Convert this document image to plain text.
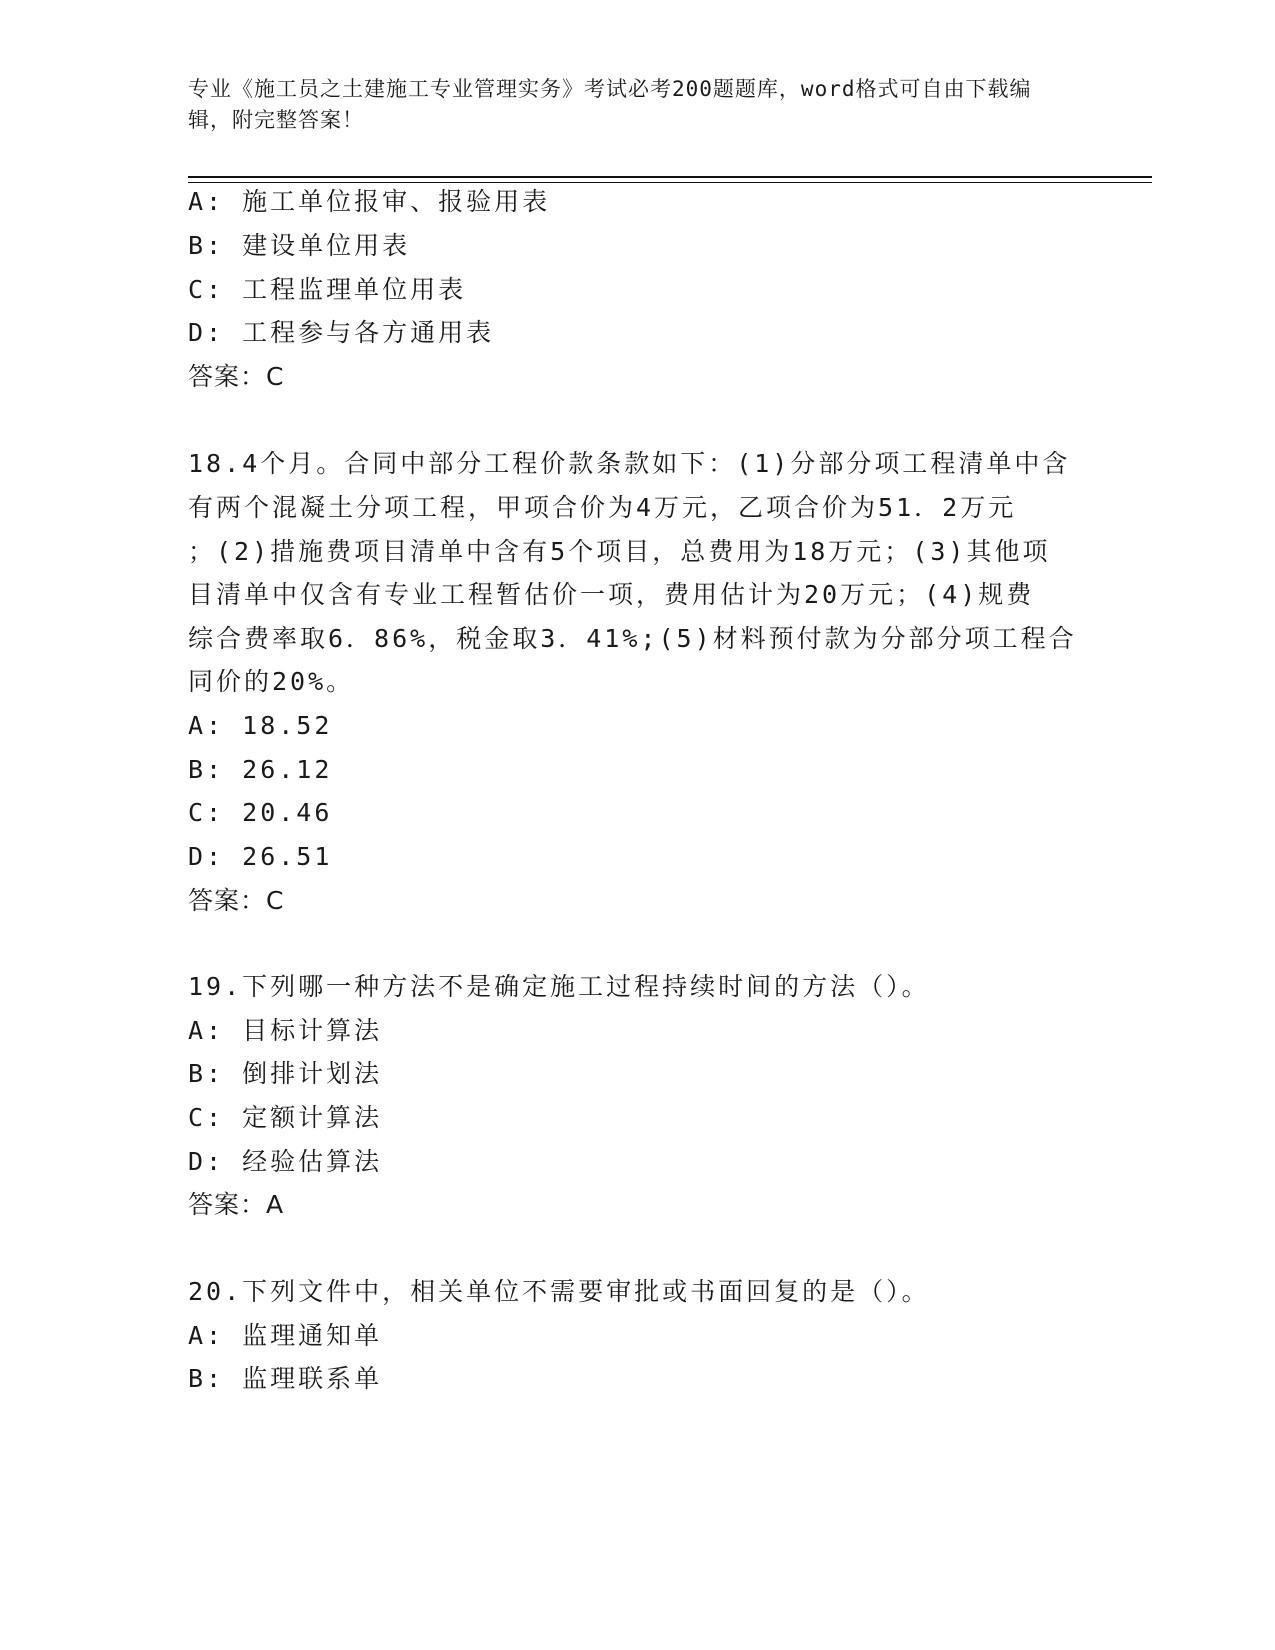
专业《施工员之土建施工专业管理实务》考试必考200题题库，word格式可自由下载编辑，附完整答案！
A: 施工单位报审、报验用表
B: 建设单位用表
C: 工程监理单位用表
D: 工程参与各方通用表
答案：C
18.4个月。合同中部分工程价款条款如下：(1)分部分项工程清单中含
有两个混凝土分项工程，甲项合价为4万元，乙项合价为51．2万元
；(2)措施费项目清单中含有5个项目，总费用为18万元；(3)其他项
目清单中仅含有专业工程暂估价一项，费用估计为20万元；(4)规费
综合费率取6．86%，税金取3．41%;(5)材料预付款为分部分项工程合
同价的20%。
A: 18.52
B: 26.12
C: 20.46
D: 26.51
答案：C
19.下列哪一种方法不是确定施工过程持续时间的方法（）。
A: 目标计算法
B: 倒排计划法
C: 定额计算法
D: 经验估算法
答案：A
20.下列文件中，相关单位不需要审批或书面回复的是（）。
A: 监理通知单
B: 监理联系单
